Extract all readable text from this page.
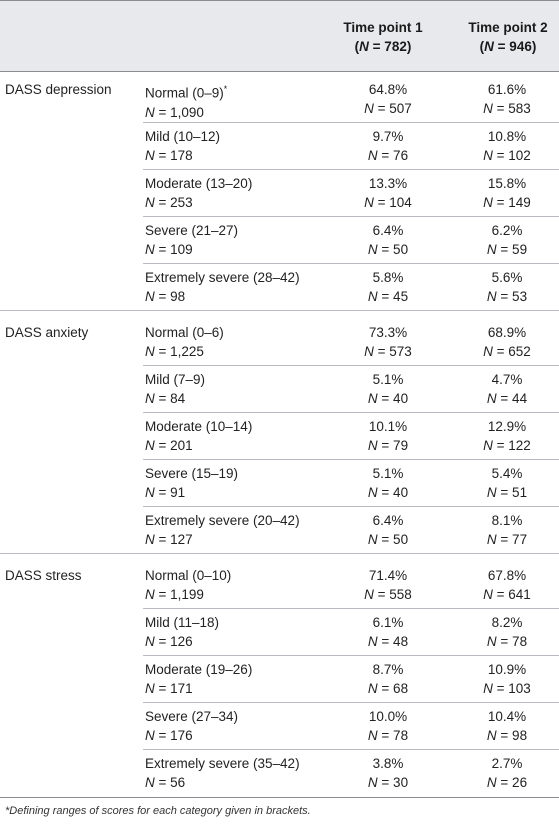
Time point 1
(N = 782)
Time point 2
(N = 946)
DASS depression Normal (0–9)*
N = 1,090
64.8%
N = 507
61.6%
N = 583
Mild (10–12)
N = 178
9.7%
N = 76
10.8%
N = 102
Moderate (13–20)
N = 253
13.3%
N = 104
15.8%
N = 149
Severe (21–27)
N = 109
6.4%
N = 50
6.2%
N = 59
Extremely severe (28–42)
N = 98
5.8%
N = 45
5.6%
N = 53
DASS anxiety	Normal (0–6)
N = 1,225
73.3%
N = 573
68.9%
N = 652
Mild (7–9)
N = 84
5.1%
N = 40
4.7%
N = 44
Moderate (10–14)
N = 201
10.1%
N = 79
12.9%
N = 122
Severe (15–19)
N = 91
5.1%
N = 40
5.4%
N = 51
Extremely severe (20–42)
N = 127
6.4%
N = 50
8.1%
N = 77
DASS stress	Normal (0–10)
N = 1,199
71.4%
N = 558
67.8%
N = 641
Mild (11–18)
N = 126
6.1%
N = 48
8.2%
N = 78
Moderate (19–26)
N = 171
8.7%
N = 68
10.9%
N = 103
Severe (27–34)
N = 176
10.0%
N = 78
10.4%
N = 98
Extremely severe (35–42)
N = 56
3.8%
N = 30
2.7%
N = 26
*Defining ranges of scores for each category given in brackets.
